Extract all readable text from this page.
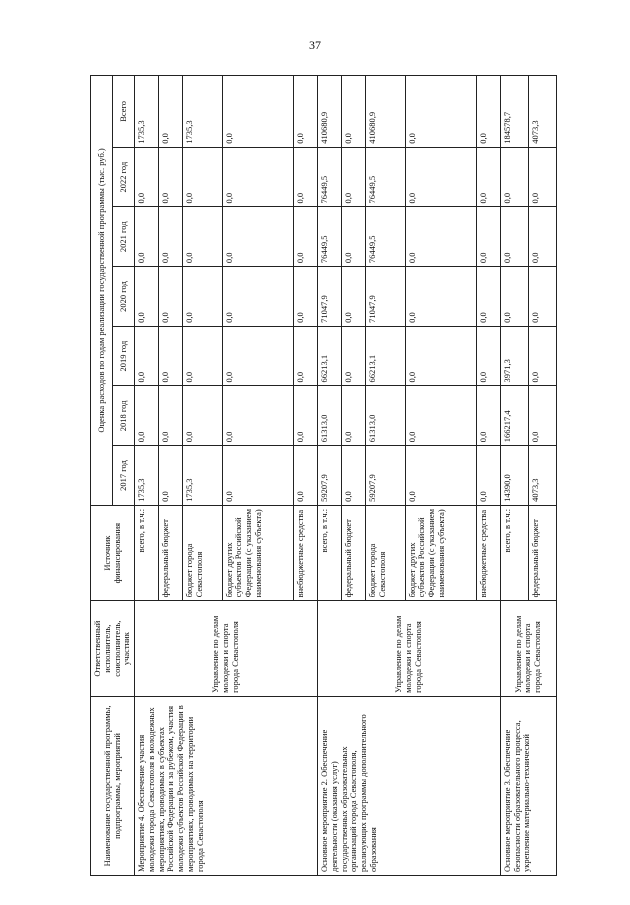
37
Наименование государственной программы, подпрограммы, мероприятий	Ответственный исполнитель, соисполнитель, участник	Источник финансирования	Оценка расходов по годам реализации государственной программы (тыс. руб.)						
			2017 год	2018 год	2019 год	2020 год	2021 год	2022 год	Всего
Мероприятие 4. Обеспечение участия молодежи города Севастополя в молодежных мероприятиях, проводимых в субъектах Российской Федерации и за рубежом, участия молодежи субъектов Российской Федерации в мероприятиях, проводимых на территории города Севастополя	Управление по делам молодежи и спорта города Севастополя	всего, в т.ч.:	1735,3	0,0	0,0	0,0	0,0	0,0	1735,3
		федеральный бюджет	0,0	0,0	0,0	0,0	0,0	0,0	0,0
		бюджет города Севастополя	1735,3	0,0	0,0	0,0	0,0	0,0	1735,3
		бюджет других субъектов Российской Федерации (с указанием наименования субъекта)	0,0	0,0	0,0	0,0	0,0	0,0	0,0
		внебюджетные средства	0,0	0,0	0,0	0,0	0,0	0,0	0,0
Основное мероприятие 2. Обеспечение деятельности (оказания услуг) государственных образовательных организаций города Севастополя, реализующих программы дополнительного образования	Управление по делам молодежи и спорта города Севастополя	всего, в т.ч.:	59207,9	61313,0	66213,1	71047,9	76449,5	76449,5	410680,9
		федеральный бюджет	0,0	0,0	0,0	0,0	0,0	0,0	0,0
		бюджет города Севастополя	59207,9	61313,0	66213,1	71047,9	76449,5	76449,5	410680,9
		бюджет других субъектов Российской Федерации (с указанием наименования субъекта)	0,0	0,0	0,0	0,0	0,0	0,0	0,0
		внебюджетные средства	0,0	0,0	0,0	0,0	0,0	0,0	0,0
Основное мероприятие 3. Обеспечение безопасности образовательного процесса, укрепление материально-технической	Управление по делам молодежи и спорта города Севастополя	всего, в т.ч.:	14390,0	166217,4	3971,3	0,0	0,0	0,0	184578,7
		федеральный бюджет	4073,3	0,0	0,0	0,0	0,0	0,0	4073,3
